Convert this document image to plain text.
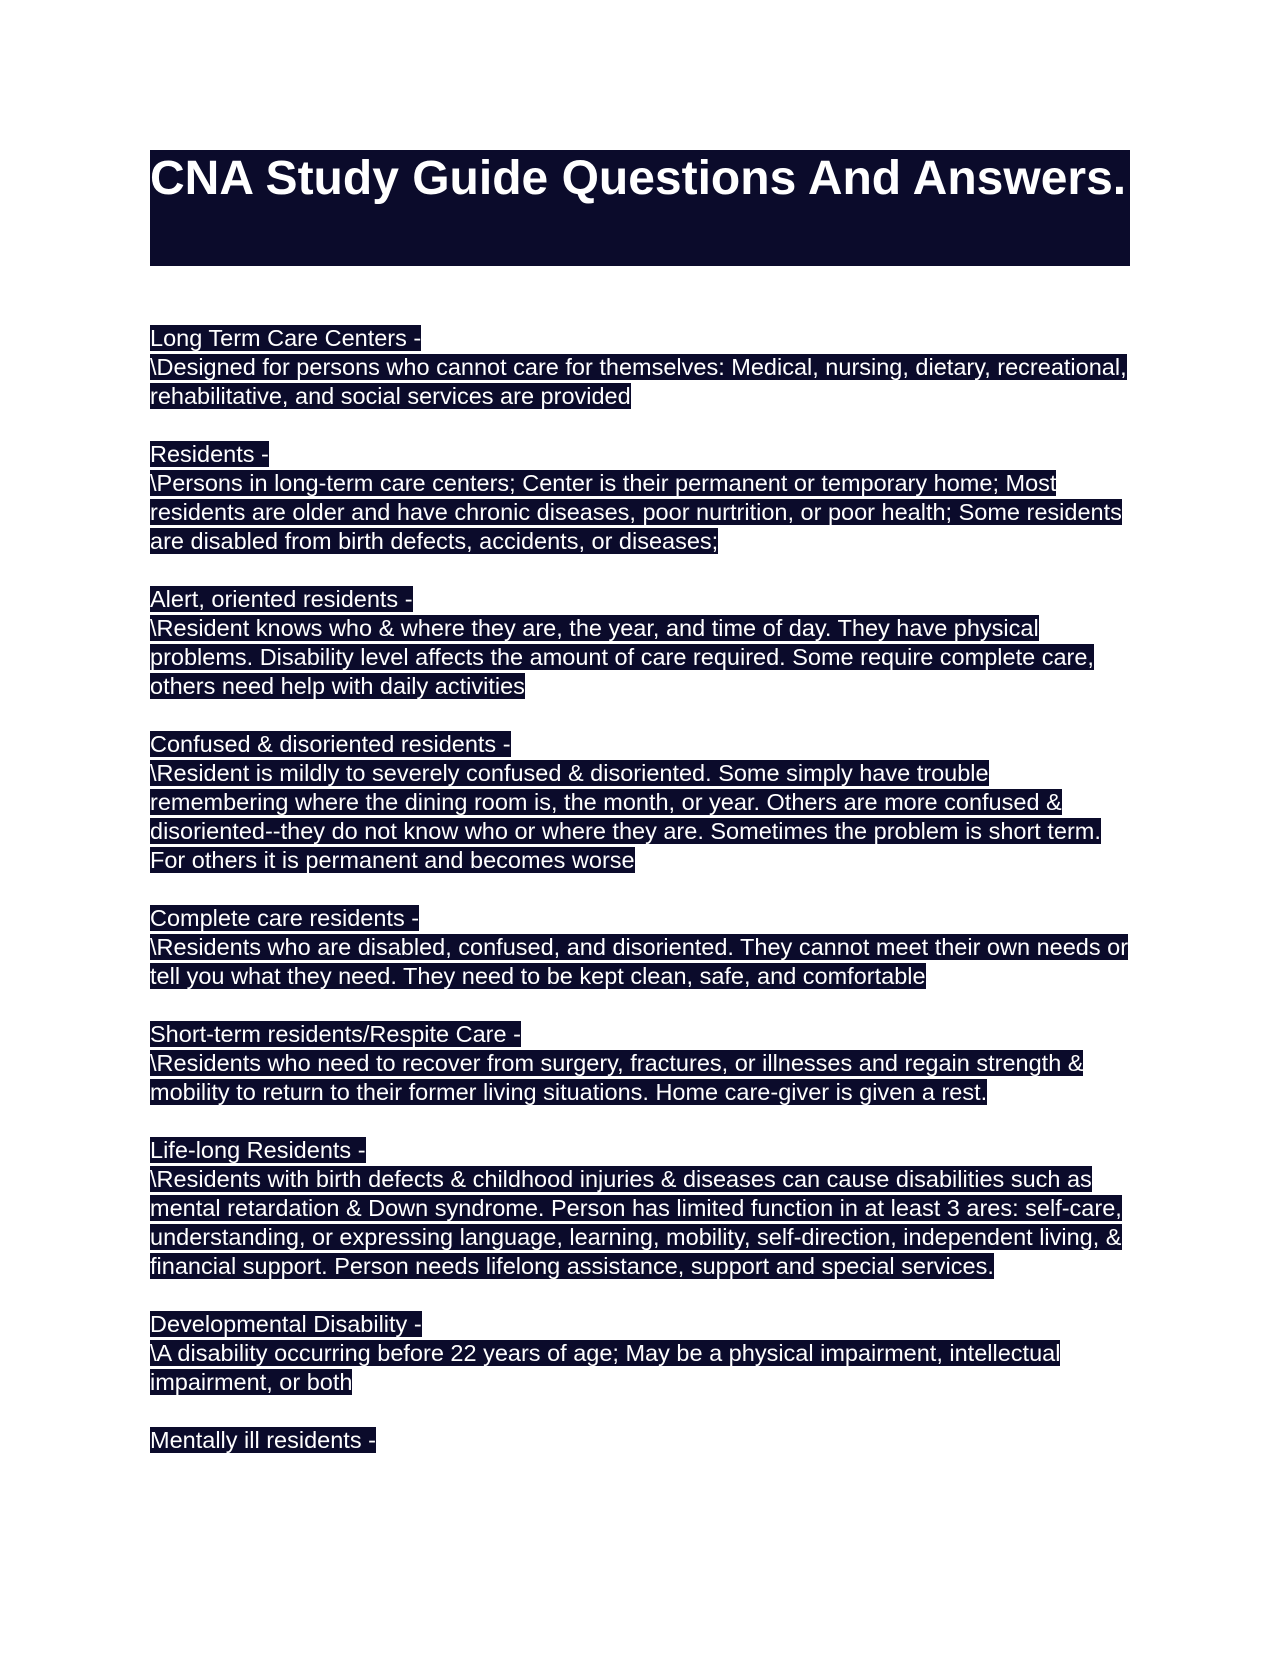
CNA Study Guide Questions And Answers.
Long Term Care Centers -
\Designed for persons who cannot care for themselves: Medical, nursing, dietary, recreational, rehabilitative, and social services are provided
Residents -
\Persons in long-term care centers; Center is their permanent or temporary home; Most residents are older and have chronic diseases, poor nurtrition, or poor health; Some residents are disabled from birth defects, accidents, or diseases;
Alert, oriented residents -
\Resident knows who & where they are, the year, and time of day. They have physical problems. Disability level affects the amount of care required. Some require complete care, others need help with daily activities
Confused & disoriented residents -
\Resident is mildly to severely confused & disoriented. Some simply have trouble remembering where the dining room is, the month, or year. Others are more confused & disoriented--they do not know who or where they are. Sometimes the problem is short term. For others it is permanent and becomes worse
Complete care residents -
\Residents who are disabled, confused, and disoriented. They cannot meet their own needs or tell you what they need. They need to be kept clean, safe, and comfortable
Short-term residents/Respite Care -
\Residents who need to recover from surgery, fractures, or illnesses and regain strength & mobility to return to their former living situations. Home care-giver is given a rest.
Life-long Residents -
\Residents with birth defects & childhood injuries & diseases can cause disabilities such as mental retardation & Down syndrome. Person has limited function in at least 3 ares: self-care, understanding, or expressing language, learning, mobility, self-direction, independent living, & financial support. Person needs lifelong assistance, support and special services.
Developmental Disability -
\A disability occurring before 22 years of age; May be a physical impairment, intellectual impairment, or both
Mentally ill residents -
